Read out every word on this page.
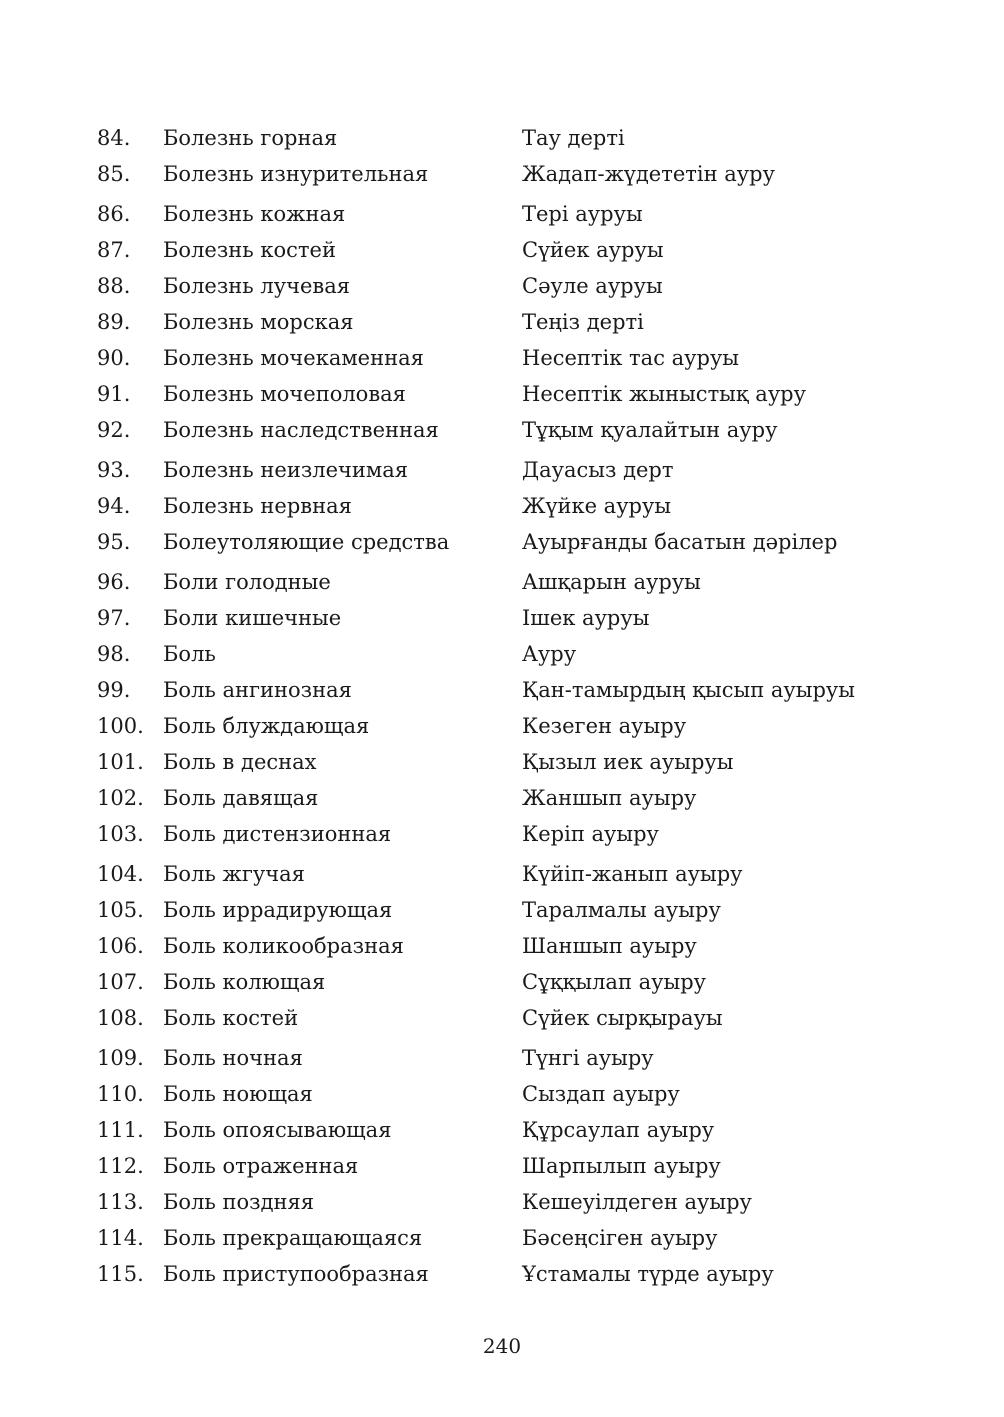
84. Болезнь горная	Тау дерті
85. Болезнь изнурительная	Жадап-жүдететін ауру
86. Болезнь кожная	Тері ауруы
87. Болезнь костей	Сүйек ауруы
88. Болезнь лучевая	Сәуле ауруы
89. Болезнь морская	Теңіз дерті
90. Болезнь мочекаменная	Несептік тас ауруы
91. Болезнь мочеполовая	Несептік жыныстық ауру
92. Болезнь наследственная	Тұқым қуалайтын ауру
93. Болезнь неизлечимая	Дауасыз дерт
94. Болезнь нервная	Жүйке ауруы
95. Болеутоляющие средства	Ауырғанды басатын дәрілер
96. Боли голодные	Ашқарын ауруы
97. Боли кишечные	Ішек ауруы
98. Боль	Ауру
99. Боль ангинозная	Қан-тамырдың қысып ауыруы
100. Боль блуждающая	Кезеген ауыру
101. Боль в деснах	Қызыл иек ауыруы
102. Боль давящая	Жаншып ауыру
103. Боль дистензионная	Керіп ауыру
104. Боль жгучая	Күйіп-жанып ауыру
105. Боль иррадирующая	Таралмалы ауыру
106. Боль коликообразная	Шаншып ауыру
107. Боль колющая	Сұққылап ауыру
108. Боль костей	Сүйек сырқырауы
109. Боль ночная	Түнгі ауыру
110. Боль ноющая	Сыздап ауыру
111. Боль опоясывающая	Құрсаулап ауыру
112. Боль отраженная	Шарпылып ауыру
113. Боль поздняя	Кешеуілдеген ауыру
114. Боль прекращающаяся	Бәсеңсіген ауыру
115. Боль приступообразная	Ұстамалы түрде ауыру
240
